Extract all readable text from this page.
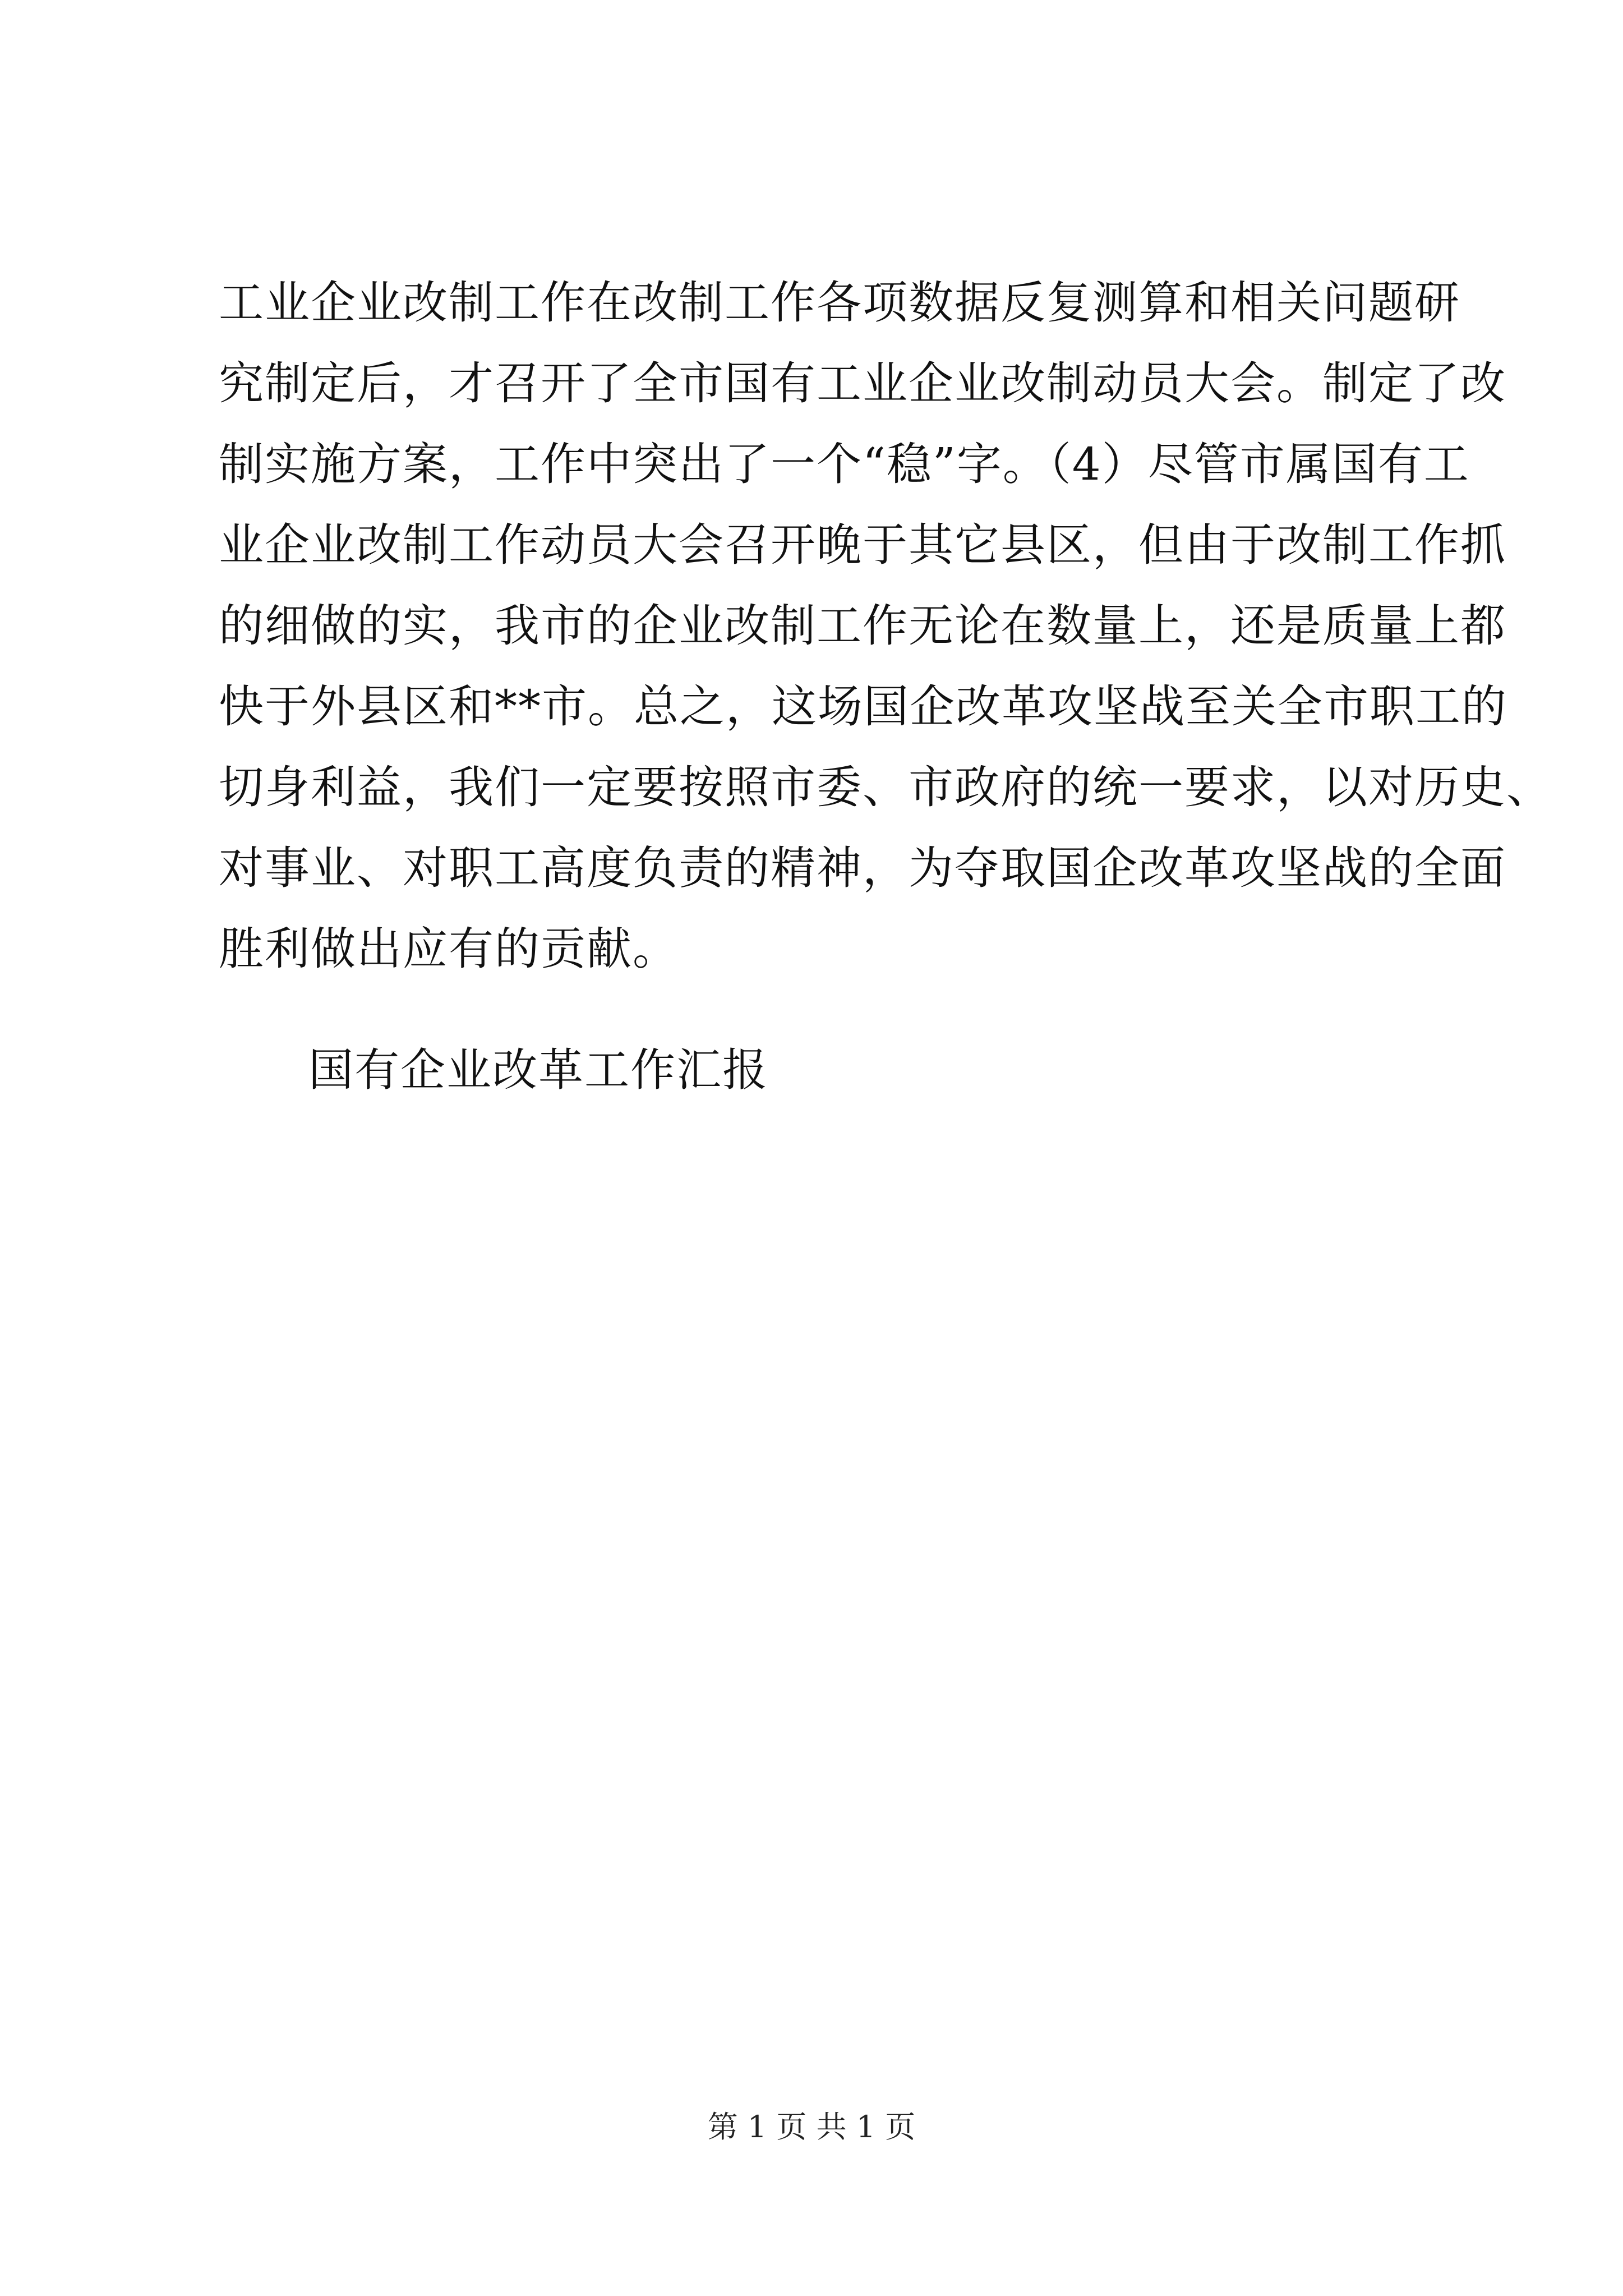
工业企业改制工作在改制工作各项数据反复测算和相关问题研
究制定后，才召开了全市国有工业企业改制动员大会。制定了改
制实施方案，工作中突出了一个“稳”字。（4）尽管市属国有工
业企业改制工作动员大会召开晚于其它县区，但由于改制工作抓
的细做的实，我市的企业改制工作无论在数量上，还是质量上都
快于外县区和**市。总之，这场国企改革攻坚战至关全市职工的
切身利益，我们一定要按照市委、市政府的统一要求，以对历史、
对事业、对职工高度负责的精神，为夺取国企改革攻坚战的全面
胜利做出应有的贡献。
国有企业改革工作汇报
第 1 页 共 1 页
